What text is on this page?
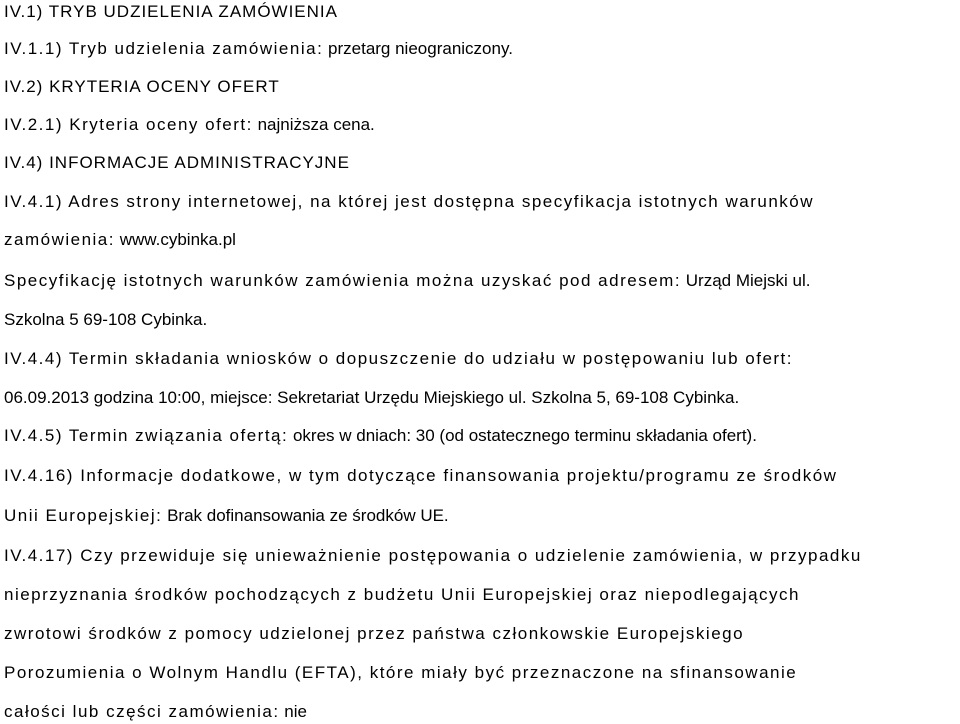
IV.1) TRYB UDZIELENIA ZAMÓWIENIA
IV.1.1) Tryb udzielenia zamówienia: przetarg nieograniczony.
IV.2) KRYTERIA OCENY OFERT
IV.2.1) Kryteria oceny ofert: najniższa cena.
IV.4) INFORMACJE ADMINISTRACYJNE
IV.4.1) Adres strony internetowej, na której jest dostępna specyfikacja istotnych warunków
zamówienia: www.cybinka.pl
Specyfikację istotnych warunków zamówienia można uzyskać pod adresem: Urząd Miejski ul.
Szkolna 5 69-108 Cybinka.
IV.4.4) Termin składania wniosków o dopuszczenie do udziału w postępowaniu lub ofert:
06.09.2013 godzina 10:00, miejsce: Sekretariat Urzędu Miejskiego ul. Szkolna 5, 69-108 Cybinka.
IV.4.5) Termin związania ofertą: okres w dniach: 30 (od ostatecznego terminu składania ofert).
IV.4.16) Informacje dodatkowe, w tym dotyczące finansowania projektu/programu ze środków
Unii Europejskiej: Brak dofinansowania ze środków UE.
IV.4.17) Czy przewiduje się unieważnienie postępowania o udzielenie zamówienia, w przypadku
nieprzyznania środków pochodzących z budżetu Unii Europejskiej oraz niepodlegających
zwrotowi środków z pomocy udzielonej przez państwa członkowskie Europejskiego
Porozumienia o Wolnym Handlu (EFTA), które miały być przeznaczone na sfinansowanie
całości lub części zamówienia: nie
